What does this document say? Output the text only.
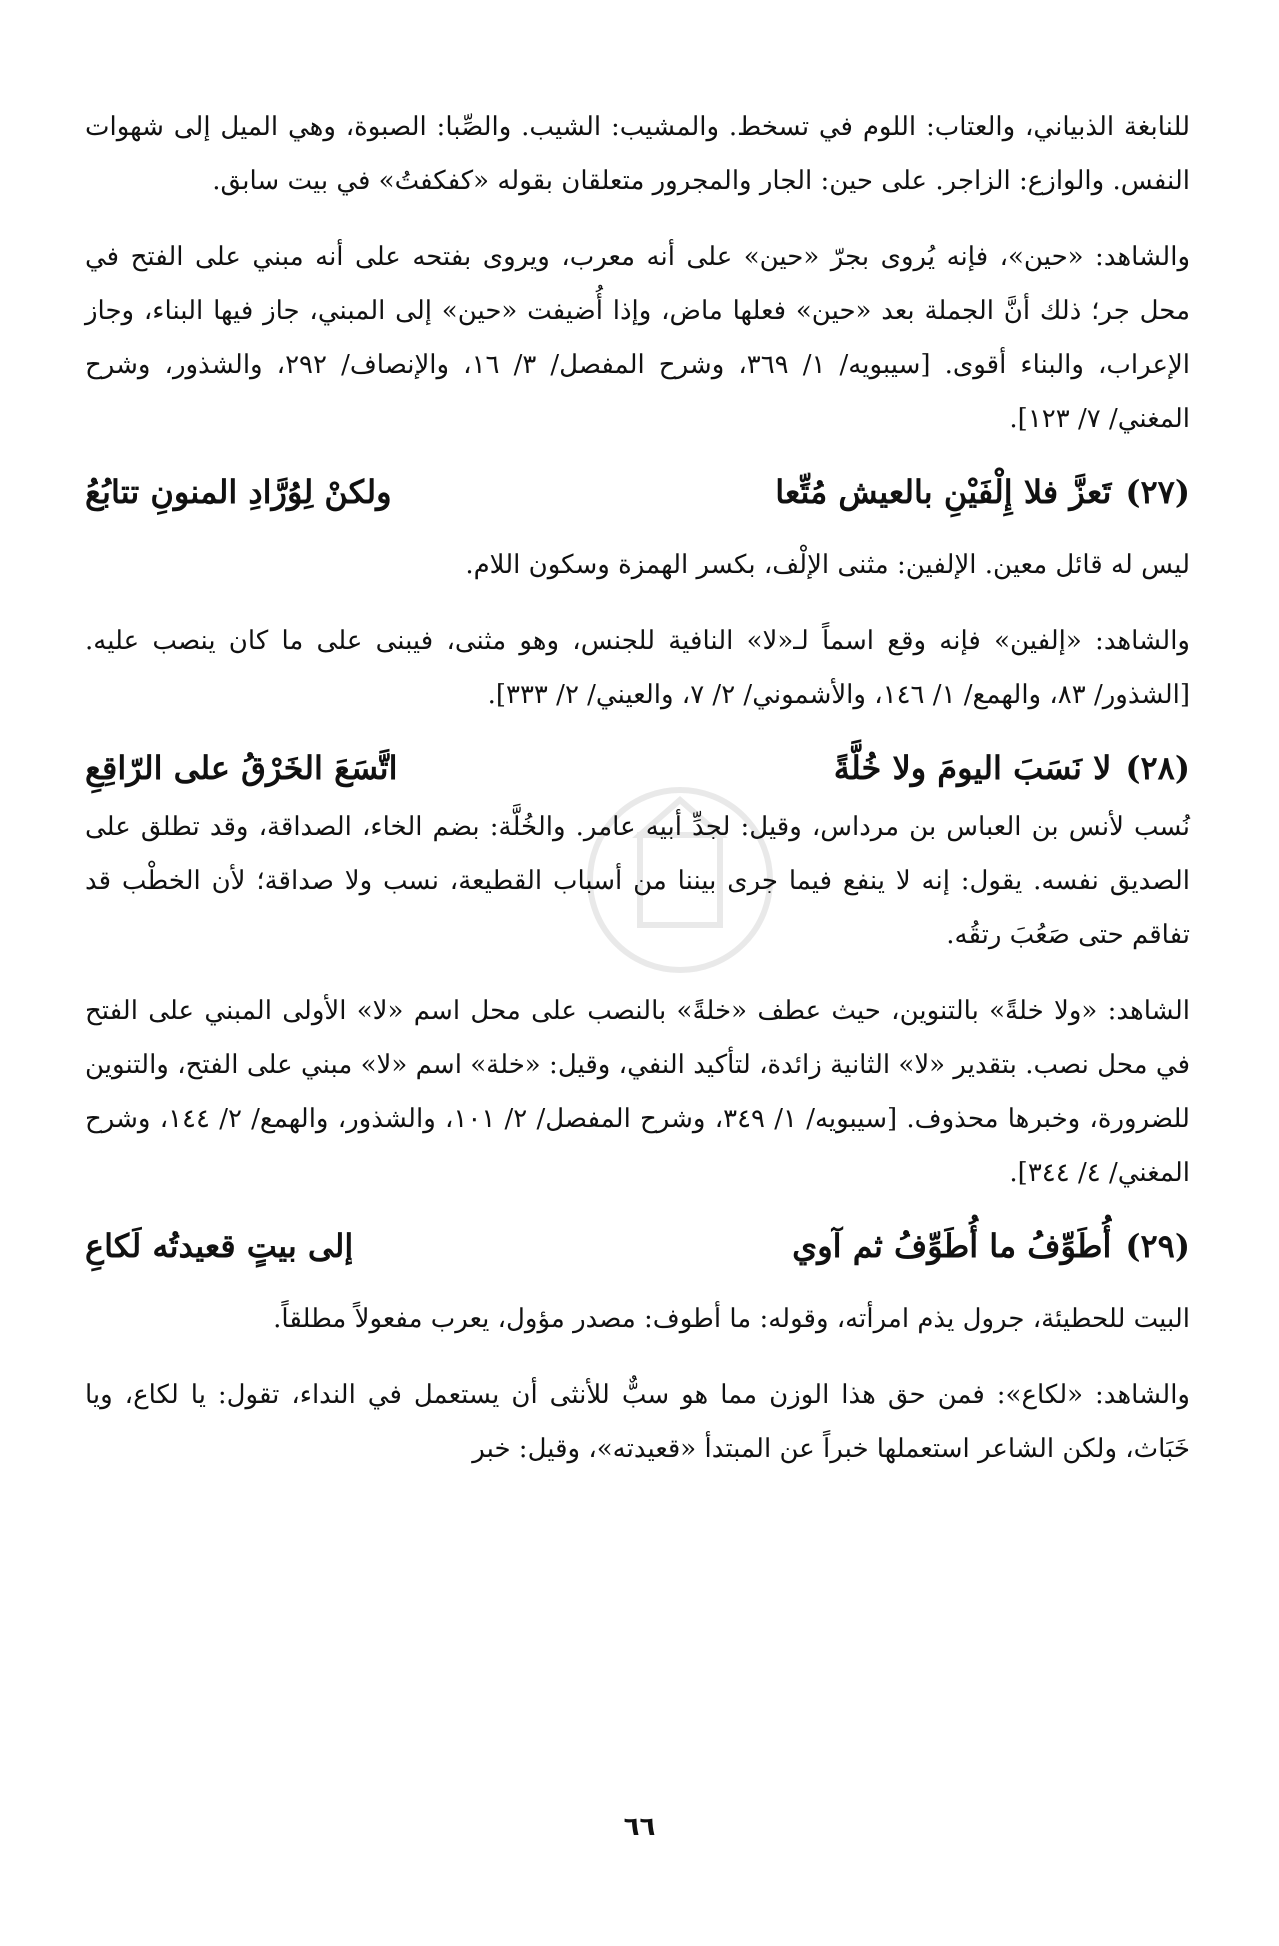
للنابغة الذبياني، والعتاب: اللوم في تسخط. والمشيب: الشيب. والصِّبا: الصبوة، وهي الميل إلى شهوات النفس. والوازع: الزاجر. على حين: الجار والمجرور متعلقان بقوله «كفكفتُ» في بيت سابق.

والشاهد: «حين»، فإنه يُروى بجرّ «حين» على أنه معرب، ويروى بفتحه على أنه مبني على الفتح في محل جر؛ ذلك أنَّ الجملة بعد «حين» فعلها ماض، وإذا أُضيفت «حين» إلى المبني، جاز فيها البناء، وجاز الإعراب، والبناء أقوى. [سيبويه/ ١/ ٣٦٩، وشرح المفصل/ ٣/ ١٦، والإنصاف/ ٢٩٢، والشذور، وشرح المغني/ ٧/ ١٢٣].

(٢٧)
تَعزَّ فلا إِلْفَيْنِ بالعيش مُتِّعا
ولكنْ لِوُرَّادِ المنونِ تتابُعُ

ليس له قائل معين. الإلفين: مثنى الإلْف، بكسر الهمزة وسكون اللام.

والشاهد: «إلفين» فإنه وقع اسماً لـ«لا» النافية للجنس، وهو مثنى، فيبنى على ما كان ينصب عليه. [الشذور/ ٨٣، والهمع/ ١/ ١٤٦، والأشموني/ ٢/ ٧، والعيني/ ٢/ ٣٣٣].

(٢٨)
لا نَسَبَ اليومَ ولا خُلَّةً
اتَّسَعَ الخَرْقُ على الرّاقِعِ

نُسب لأنس بن العباس بن مرداس، وقيل: لجدِّ أبيه عامر. والخُلَّة: بضم الخاء، الصداقة، وقد تطلق على الصديق نفسه. يقول: إنه لا ينفع فيما جرى بيننا من أسباب القطيعة، نسب ولا صداقة؛ لأن الخطْب قد تفاقم حتى صَعُبَ رتقُه.

الشاهد: «ولا خلةً» بالتنوين، حيث عطف «خلةً» بالنصب على محل اسم «لا» الأولى المبني على الفتح في محل نصب. بتقدير «لا» الثانية زائدة، لتأكيد النفي، وقيل: «خلة» اسم «لا» مبني على الفتح، والتنوين للضرورة، وخبرها محذوف. [سيبويه/ ١/ ٣٤٩، وشرح المفصل/ ٢/ ١٠١، والشذور، والهمع/ ٢/ ١٤٤، وشرح المغني/ ٤/ ٣٤٤].

(٢٩)
أُطَوِّفُ ما أُطَوِّفُ ثم آوي
إلى بيتٍ قعيدتُه لَكاعِ

البيت للحطيئة، جرول يذم امرأته، وقوله: ما أطوف: مصدر مؤول، يعرب مفعولاً مطلقاً.

والشاهد: «لكاع»: فمن حق هذا الوزن مما هو سبٌّ للأنثى أن يستعمل في النداء، تقول: يا لكاع، ويا خَبَاث، ولكن الشاعر استعملها خبراً عن المبتدأ «قعيدته»، وقيل: خبر

٦٦
